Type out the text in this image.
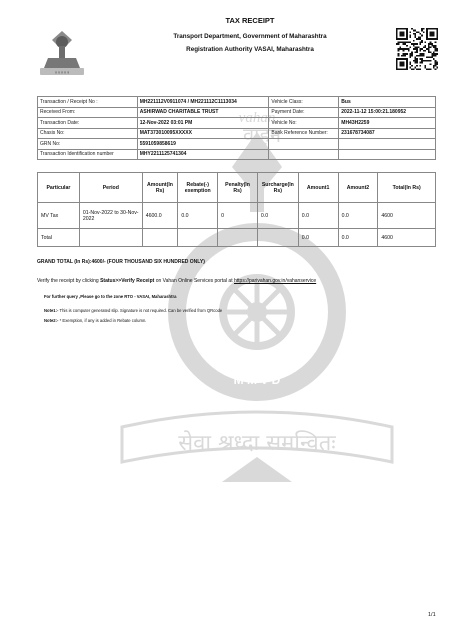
॥ ॥ ॥ ॥ ॥
TAX RECEIPT
Transport Department, Government of Maharashtra
Registration Authority VASAI, Maharashtra
vahan
वाहन
सत्यमेव जयते
M M V D
सेवा श्रध्दा समन्वितः
Transaction / Receipt No :	MH221112V0911074 / MH221112C1113034	Vehicle Class:	Bus
Received From:	ASHIRWAD CHARITABLE TRUST	Payment Date:	2022-11-12 15:00:21.180952
Transaction Date:	12-Nov-2022 03:01 PM	Vehicle No:	MH43H2259
Chasis No:	MAT373010095XXXXX	Bank Reference Number:	231678734087
GRN No:	5591059858619		
Transaction Identification number	MHY2211125741304		
Particular	Period	Amount(In Rs)	Rebate(-) exemption	Penalty(In Rs)	Surcharge(In Rs)	Amount1	Amount2	Total(In Rs)
MV Tax	01-Nov-2022 to 30-Nov-2022	4600.0	0.0	0	0.0	0.0	0.0	4600
Total						0.0	0.0	4600
GRAND TOTAL (In Rs):4600/- (FOUR THOUSAND SIX HUNDRED ONLY)
Verify the receipt by clicking Status>>Verify Receipt on Vahan Online Services portal at https://parivahan.gov.in/vahanservice
For further query ,Please go to the zone RTO - VASAI, Maharashtra
Note1:- This is computer generated slip. Signature is not required. Can be verified from QRcode
Note2:- * Exemption, if any is added in Rebate column.
1/1
